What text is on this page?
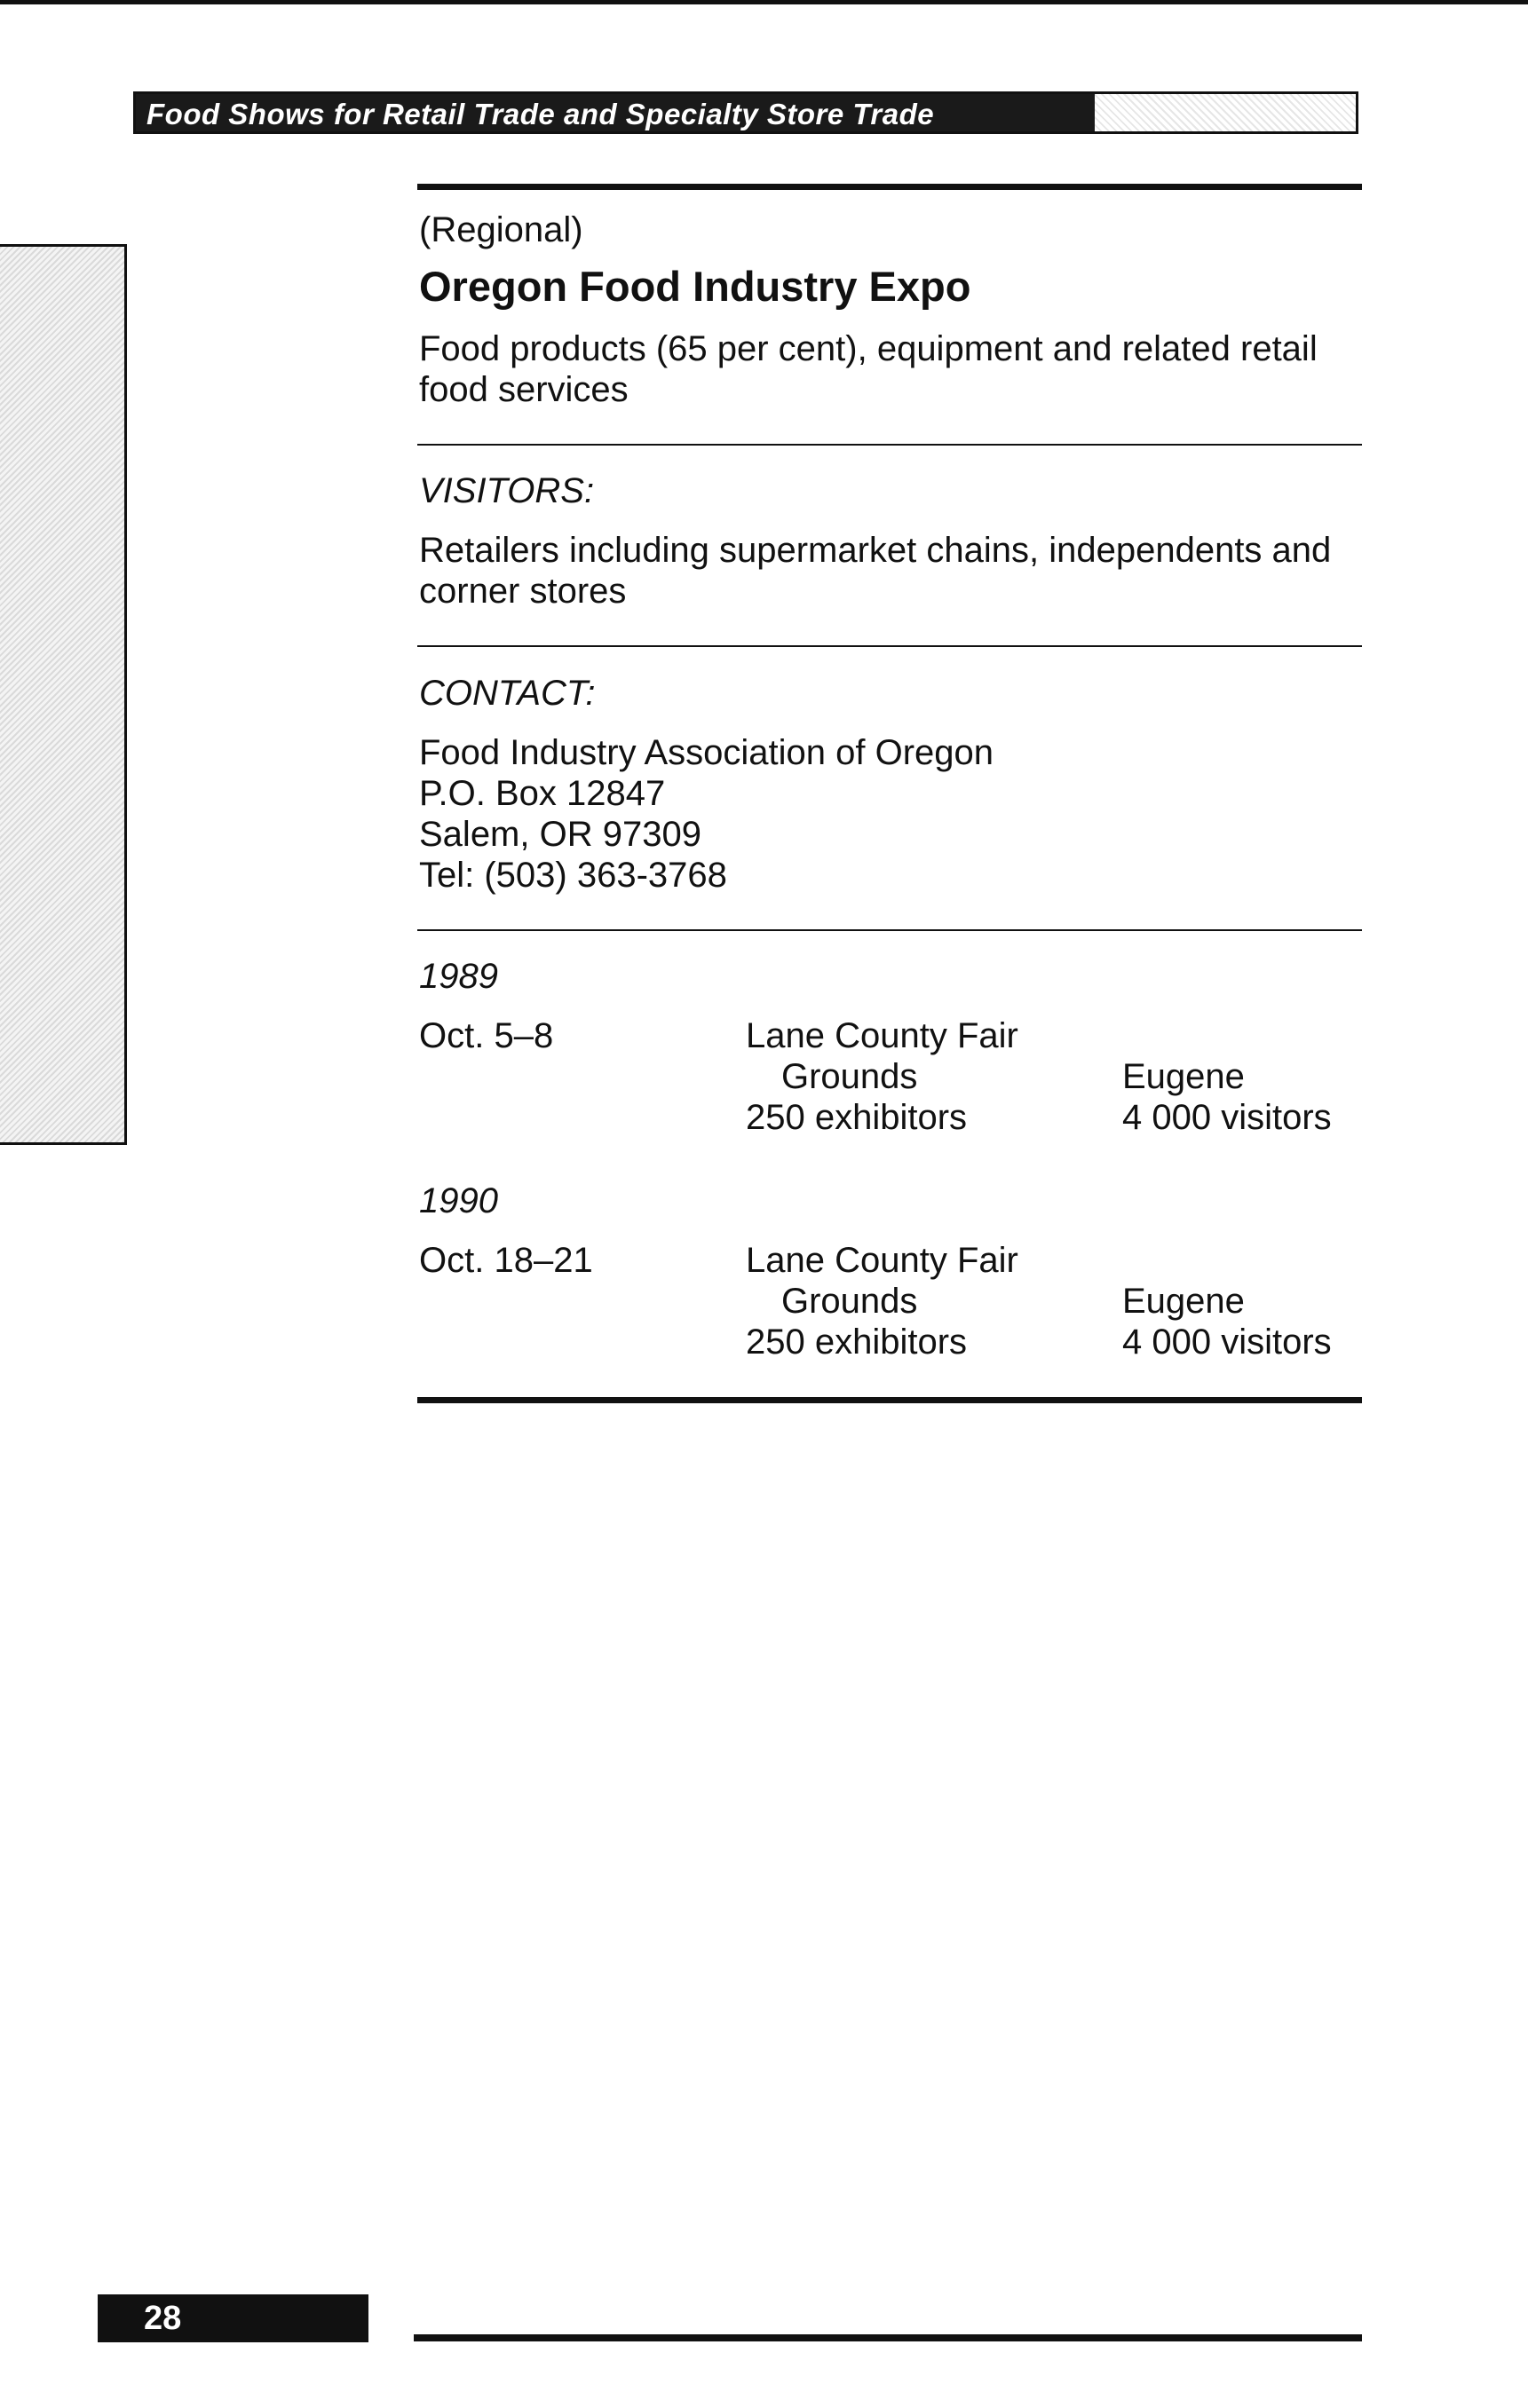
Food Shows for Retail Trade and Specialty Store Trade
(Regional)
Oregon Food Industry Expo
Food products (65 per cent), equipment and related retail
food services
VISITORS:
Retailers including supermarket chains, independents and
corner stores
CONTACT:
Food Industry Association of Oregon
P.O. Box 12847
Salem, OR 97309
Tel: (503) 363-3768
1989
Oct. 5–8	Lane County Fair
Grounds
250 exhibitors
Eugene
4 000 visitors
1990
Oct. 18–21	Lane County Fair
Grounds
250 exhibitors
Eugene
4 000 visitors
28
